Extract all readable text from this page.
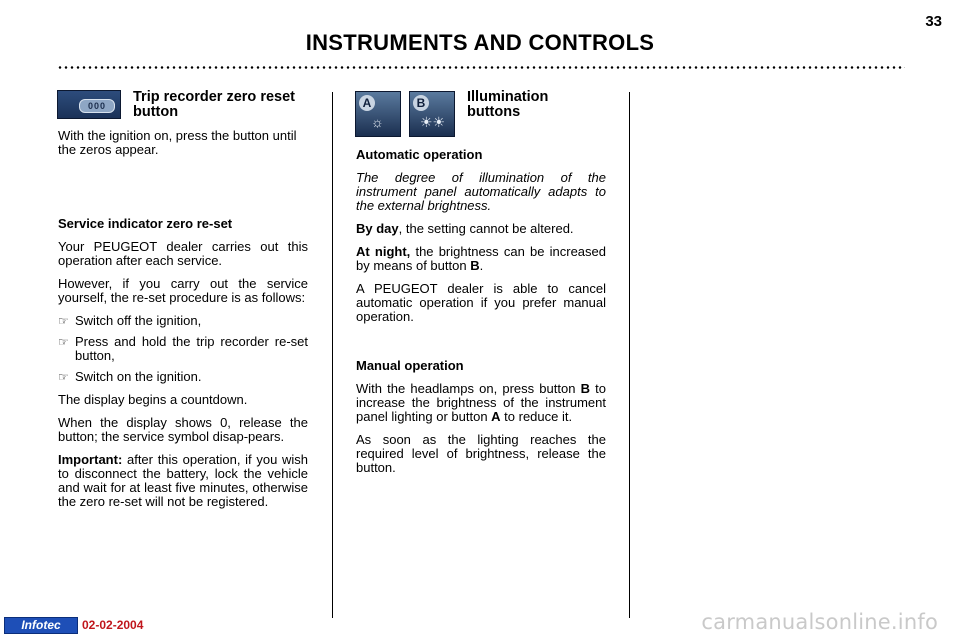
33
INSTRUMENTS AND CONTROLS
000
Trip recorder zero reset button

With the ignition on, press the button until the zeros appear.

Service indicator zero re-set

Your PEUGEOT dealer carries out this operation after each service.

However, if you carry out the service yourself, the re-set procedure is as follows:

☞ Switch off the ignition,
☞ Press and hold the trip recorder re-set button,
☞ Switch on the ignition.

The display begins a countdown.

When the display shows 0, release the button; the service symbol disap-pears.

Important: after this operation, if you wish to disconnect the battery, lock the vehicle and wait for at least five minutes, otherwise the zero re-set will not be registered.

A
☼
B
☀☀
Illumination buttons

Automatic operation

The degree of illumination of the instrument panel automatically adapts to the external brightness.

By day, the setting cannot be altered.

At night, the brightness can be increased by means of button B.

A PEUGEOT dealer is able to cancel automatic operation if you prefer manual operation.

Manual operation

With the headlamps on, press button B to increase the brightness of the instrument panel lighting or button A to reduce it.

As soon as the lighting reaches the required level of brightness, release the button.

Infotec	02-02-2004	carmanualsonline.info
